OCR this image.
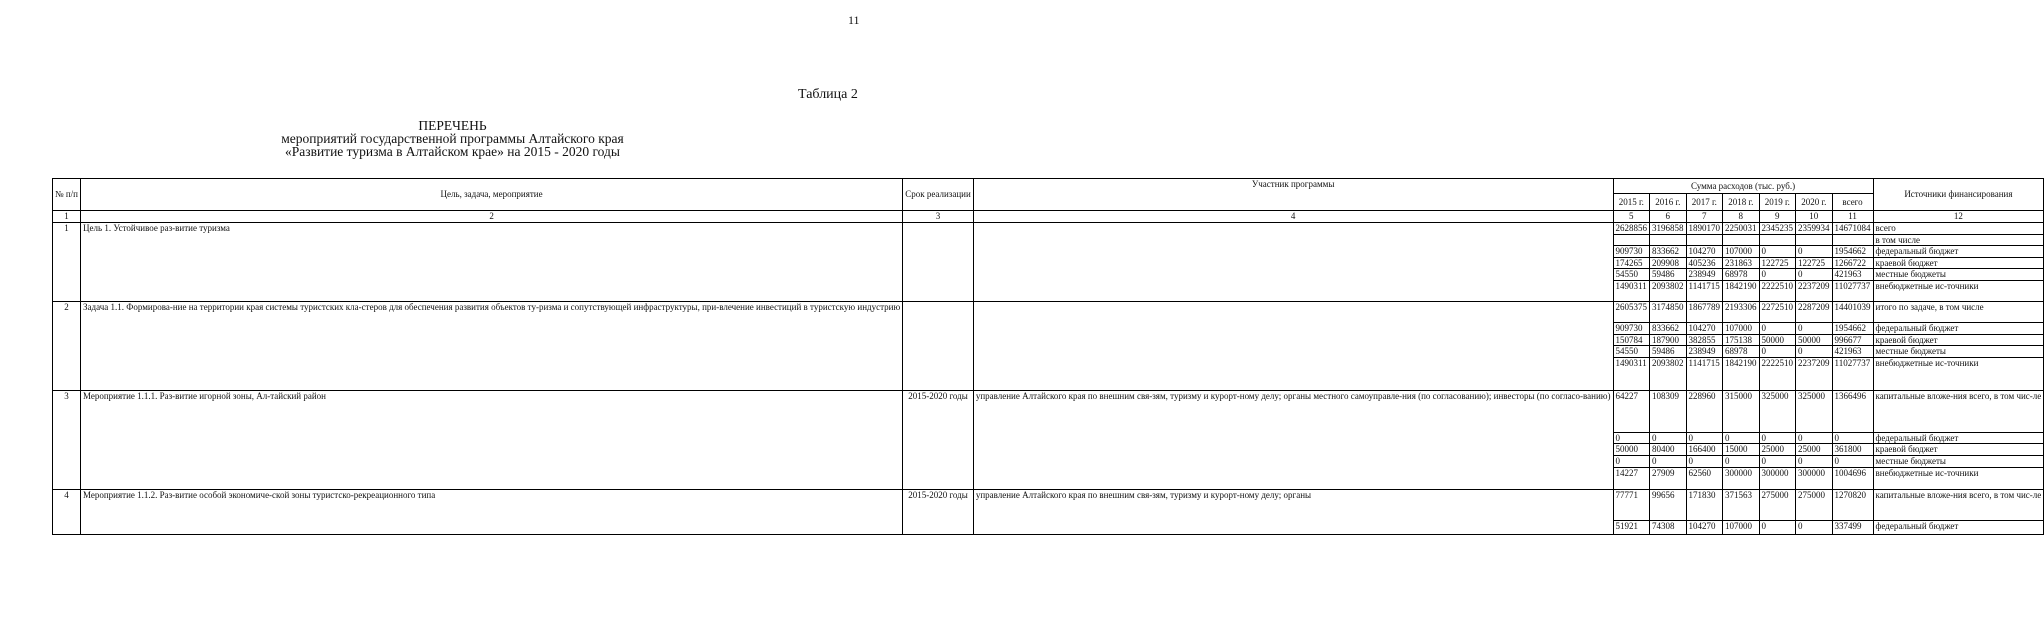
11
Таблица 2
ПЕРЕЧЕНЬ
мероприятий государственной программы Алтайского края
«Развитие туризма в Алтайском крае» на 2015 - 2020 годы
№ п/п	Цель, задача, мероприятие	Срок реализации	Участник программы	Сумма расходов (тыс. руб.)							Источники финансирования
				2015 г.	2016 г.	2017 г.	2018 г.	2019 г.	2020 г.	всего	
1	2	3	4	5	6	7	8	9	10	11	12
1	Цель 1. Устойчивое раз-витие туризма			2628856	3196858	1890170	2250031	2345235	2359934	14671084	всего
											в том числе
				909730	833662	104270	107000	0	0	1954662	федеральный бюджет
				174265	209908	405236	231863	122725	122725	1266722	краевой бюджет
				54550	59486	238949	68978	0	0	421963	местные бюджеты
				1490311	2093802	1141715	1842190	2222510	2237209	11027737	внебюджетные ис-точники
2	Задача 1.1. Формирова-ние на территории края системы туристских кла-стеров для обеспечения развития объектов ту-ризма и сопутствующей инфраструктуры, при-влечение инвестиций в туристскую индустрию			2605375	3174850	1867789	2193306	2272510	2287209	14401039	итого по задаче, в том числе
				909730	833662	104270	107000	0	0	1954662	федеральный бюджет
				150784	187900	382855	175138	50000	50000	996677	краевой бюджет
				54550	59486	238949	68978	0	0	421963	местные бюджеты
				1490311	2093802	1141715	1842190	2222510	2237209	11027737	внебюджетные ис-точники
3	Мероприятие 1.1.1. Раз-витие игорной зоны, Ал-тайский район	2015-2020 годы	управление Алтайского края по внешним свя-зям, туризму и курорт-ному делу; органы местного самоуправле-ния (по согласованию); инвесторы (по согласо-ванию)	64227	108309	228960	315000	325000	325000	1366496	капитальные вложе-ния всего, в том чис-ле
				0	0	0	0	0	0	0	федеральный бюджет
				50000	80400	166400	15000	25000	25000	361800	краевой бюджет
				0	0	0	0	0	0	0	местные бюджеты
				14227	27909	62560	300000	300000	300000	1004696	внебюджетные ис-точники
4	Мероприятие 1.1.2. Раз-витие особой экономиче-ской зоны туристско-рекреационного типа	2015-2020 годы	управление Алтайского края по внешним свя-зям, туризму и курорт-ному делу; органы	77771	99656	171830	371563	275000	275000	1270820	капитальные вложе-ния всего, в том чис-ле
				51921	74308	104270	107000	0	0	337499	федеральный бюджет
